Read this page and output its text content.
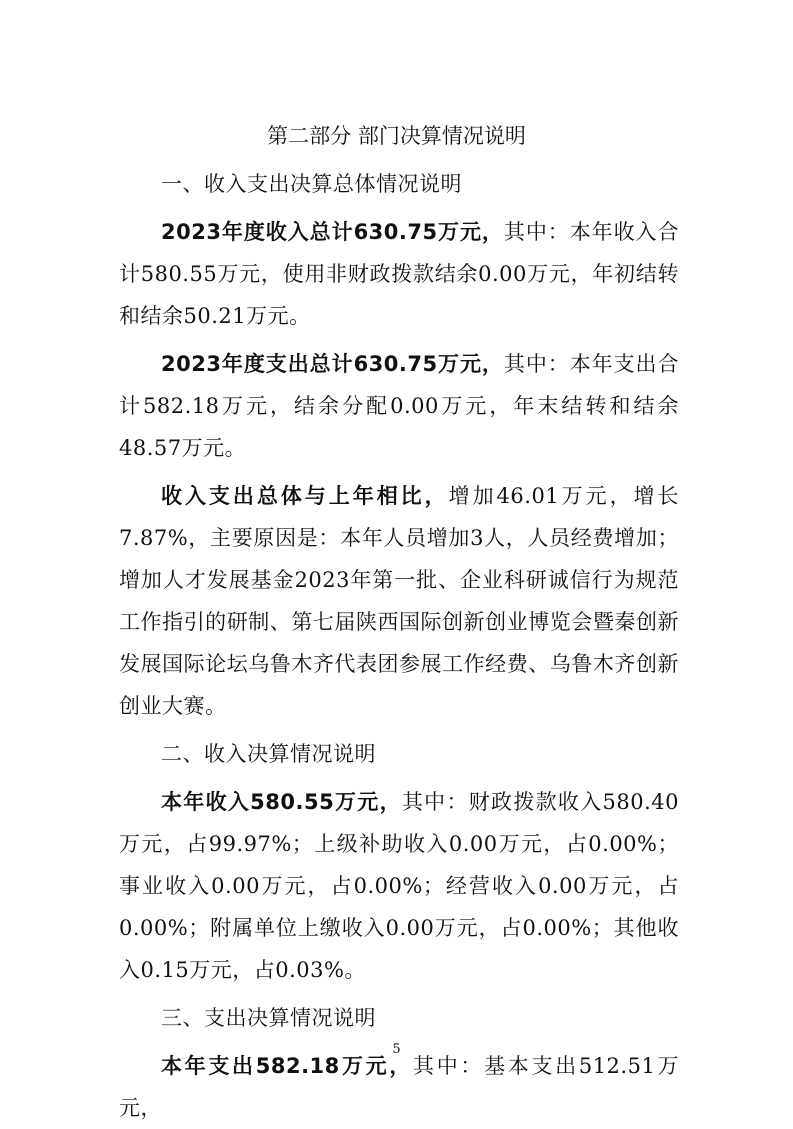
第二部分 部门决算情况说明
一、收入支出决算总体情况说明

2023年度收入总计630.75万元，其中：本年收入合计580.55万元，使用非财政拨款结余0.00万元，年初结转和结余50.21万元。

2023年度支出总计630.75万元，其中：本年支出合计582.18万元，结余分配0.00万元，年末结转和结余48.57万元。

收入支出总体与上年相比，增加46.01万元，增长7.87%，主要原因是：本年人员增加3人，人员经费增加；增加人才发展基金2023年第一批、企业科研诚信行为规范工作指引的研制、第七届陕西国际创新创业博览会暨秦创新发展国际论坛乌鲁木齐代表团参展工作经费、乌鲁木齐创新创业大赛。

二、收入决算情况说明

本年收入580.55万元，其中：财政拨款收入580.40万元，占99.97%；上级补助收入0.00万元，占0.00%；事业收入0.00万元，占0.00%；经营收入0.00万元，占0.00%；附属单位上缴收入0.00万元，占0.00%；其他收入0.15万元，占0.03%。

三、支出决算情况说明

本年支出582.18万元，其中：基本支出512.51万元，

5
